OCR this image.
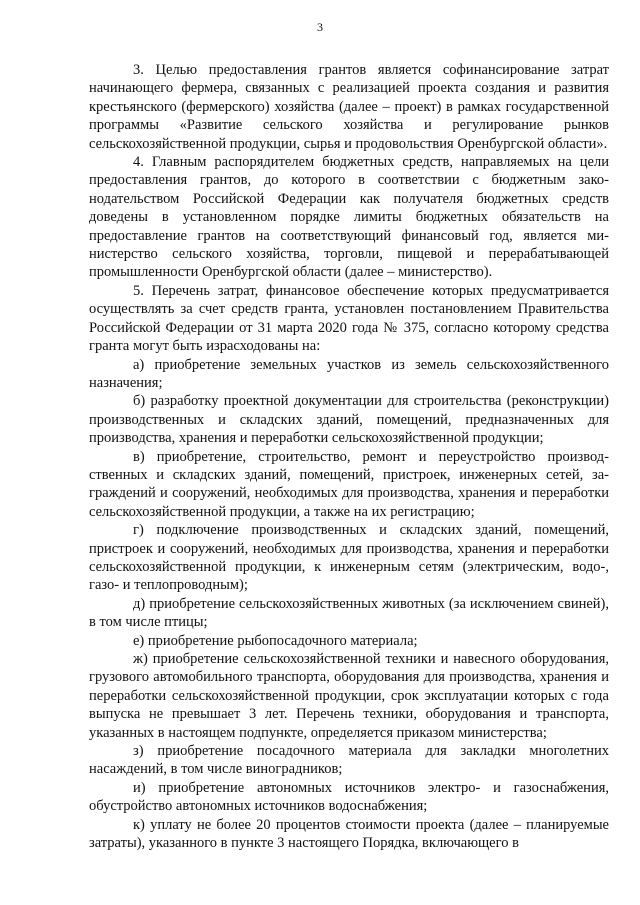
3

3. Целью предоставления грантов является софинансирование затрат начинающего фермера, связанных с реализацией проекта создания и развития крестьянского (фермерского) хозяйства (далее – проект) в рамках государственной программы «Развитие сельского хозяйства и регулирование рынков сельскохозяйственной продукции, сырья и продовольствия Оренбургской области».

4. Главным распорядителем бюджетных средств, направляемых на цели предоставления грантов, до которого в соответствии с бюджетным законодательством Российской Федерации как получателя бюджетных средств доведены в установленном порядке лимиты бюджетных обязательств на предоставление грантов на соответствующий финансовый год, является министерство сельского хозяйства, торговли, пищевой и перерабатывающей промышленности Оренбургской области (далее – министерство).

5. Перечень затрат, финансовое обеспечение которых предусматривается осуществлять за счет средств гранта, установлен постановлением Правительства Российской Федерации от 31 марта 2020 года № 375, согласно которому средства гранта могут быть израсходованы на:

а) приобретение земельных участков из земель сельскохозяйственного назначения;

б) разработку проектной документации для строительства (реконструкции) производственных и складских зданий, помещений, предназначенных для производства, хранения и переработки сельскохозяйственной продукции;

в) приобретение, строительство, ремонт и переустройство производственных и складских зданий, помещений, пристроек, инженерных сетей, заграждений и сооружений, необходимых для производства, хранения и переработки сельскохозяйственной продукции, а также на их регистрацию;

г) подключение производственных и складских зданий, помещений, пристроек и сооружений, необходимых для производства, хранения и переработки сельскохозяйственной продукции, к инженерным сетям (электрическим, водо-, газо- и теплопроводным);

д) приобретение сельскохозяйственных животных (за исключением свиней), в том числе птицы;

е) приобретение рыбопосадочного материала;

ж) приобретение сельскохозяйственной техники и навесного оборудования, грузового автомобильного транспорта, оборудования для производства, хранения и переработки сельскохозяйственной продукции, срок эксплуатации которых с года выпуска не превышает 3 лет. Перечень техники, оборудования и транспорта, указанных в настоящем подпункте, определяется приказом министерства;

з) приобретение посадочного материала для закладки многолетних насаждений, в том числе виноградников;

и) приобретение автономных источников электро- и газоснабжения, обустройство автономных источников водоснабжения;

к) уплату не более 20 процентов стоимости проекта (далее – планируемые затраты), указанного в пункте 3 настоящего Порядка, включающего в
